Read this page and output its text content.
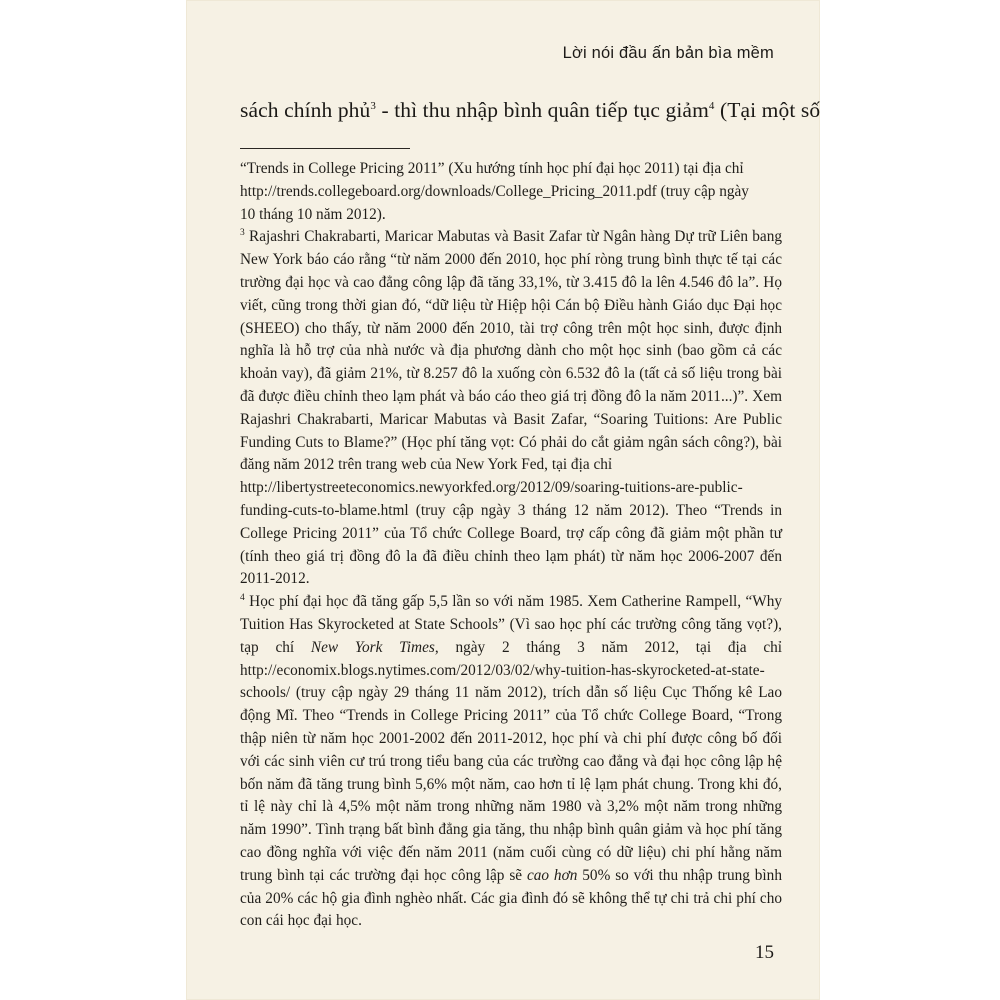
Lời nói đầu ấn bản bìa mềm
sách chính phủ$^3$ - thì thu nhập bình quân tiếp tục giảm$^4$ (Tại một số

“Trends in College Pricing 2011” (Xu hướng tính học phí đại học 2011) tại địa chỉ
http://trends.collegeboard.org/downloads/College_Pricing_2011.pdf (truy cập ngày
10 tháng 10 năm 2012).

$^3$ Rajashri Chakrabarti, Maricar Mabutas và Basit Zafar từ Ngân hàng Dự trữ Liên bang New York báo cáo rằng “từ năm 2000 đến 2010, học phí ròng trung bình thực tế tại các trường đại học và cao đẳng công lập đã tăng 33,1%, từ 3.415 đô la lên 4.546 đô la”. Họ viết, cũng trong thời gian đó, “dữ liệu từ Hiệp hội Cán bộ Điều hành Giáo dục Đại học (SHEEO) cho thấy, từ năm 2000 đến 2010, tài trợ công trên một học sinh, được định nghĩa là hỗ trợ của nhà nước và địa phương dành cho một học sinh (bao gồm cả các khoản vay), đã giảm 21%, từ 8.257 đô la xuống còn 6.532 đô la (tất cả số liệu trong bài đã được điều chỉnh theo lạm phát và báo cáo theo giá trị đồng đô la năm 2011...)”. Xem Rajashri Chakrabarti, Maricar Mabutas và Basit Zafar, “Soaring Tuitions: Are Public Funding Cuts to Blame?” (Học phí tăng vọt: Có phải do cắt giảm ngân sách công?), bài đăng năm 2012 trên trang web của New York Fed, tại địa chỉ
http://libertystreeteconomics.newyorkfed.org/2012/09/soaring-tuitions-are-public-
funding-cuts-to-blame.html (truy cập ngày 3 tháng 12 năm 2012). Theo “Trends in College Pricing 2011” của Tổ chức College Board, trợ cấp công đã giảm một phần tư (tính theo giá trị đồng đô la đã điều chỉnh theo lạm phát) từ năm học 2006-2007 đến 2011-2012.

$^4$ Học phí đại học đã tăng gấp 5,5 lần so với năm 1985. Xem Catherine Rampell, “Why Tuition Has Skyrocketed at State Schools” (Vì sao học phí các trường công tăng vọt?), tạp chí New York Times, ngày 2 tháng 3 năm 2012, tại địa chỉ http://economix.blogs.nytimes.com/2012/03/02/why-tuition-has-skyrocketed-at-state-schools/ (truy cập ngày 29 tháng 11 năm 2012), trích dẫn số liệu Cục Thống kê Lao động Mĩ. Theo “Trends in College Pricing 2011” của Tổ chức College Board, “Trong thập niên từ năm học 2001-2002 đến 2011-2012, học phí và chi phí được công bố đối với các sinh viên cư trú trong tiểu bang của các trường cao đẳng và đại học công lập hệ bốn năm đã tăng trung bình 5,6% một năm, cao hơn tỉ lệ lạm phát chung. Trong khi đó, tỉ lệ này chỉ là 4,5% một năm trong những năm 1980 và 3,2% một năm trong những năm 1990”. Tình trạng bất bình đẳng gia tăng, thu nhập bình quân giảm và học phí tăng cao đồng nghĩa với việc đến năm 2011 (năm cuối cùng có dữ liệu) chi phí hằng năm trung bình tại các trường đại học công lập sẽ cao hơn 50% so với thu nhập trung bình của 20% các hộ gia đình nghèo nhất. Các gia đình đó sẽ không thể tự chi trả chi phí cho con cái học đại học.

15
